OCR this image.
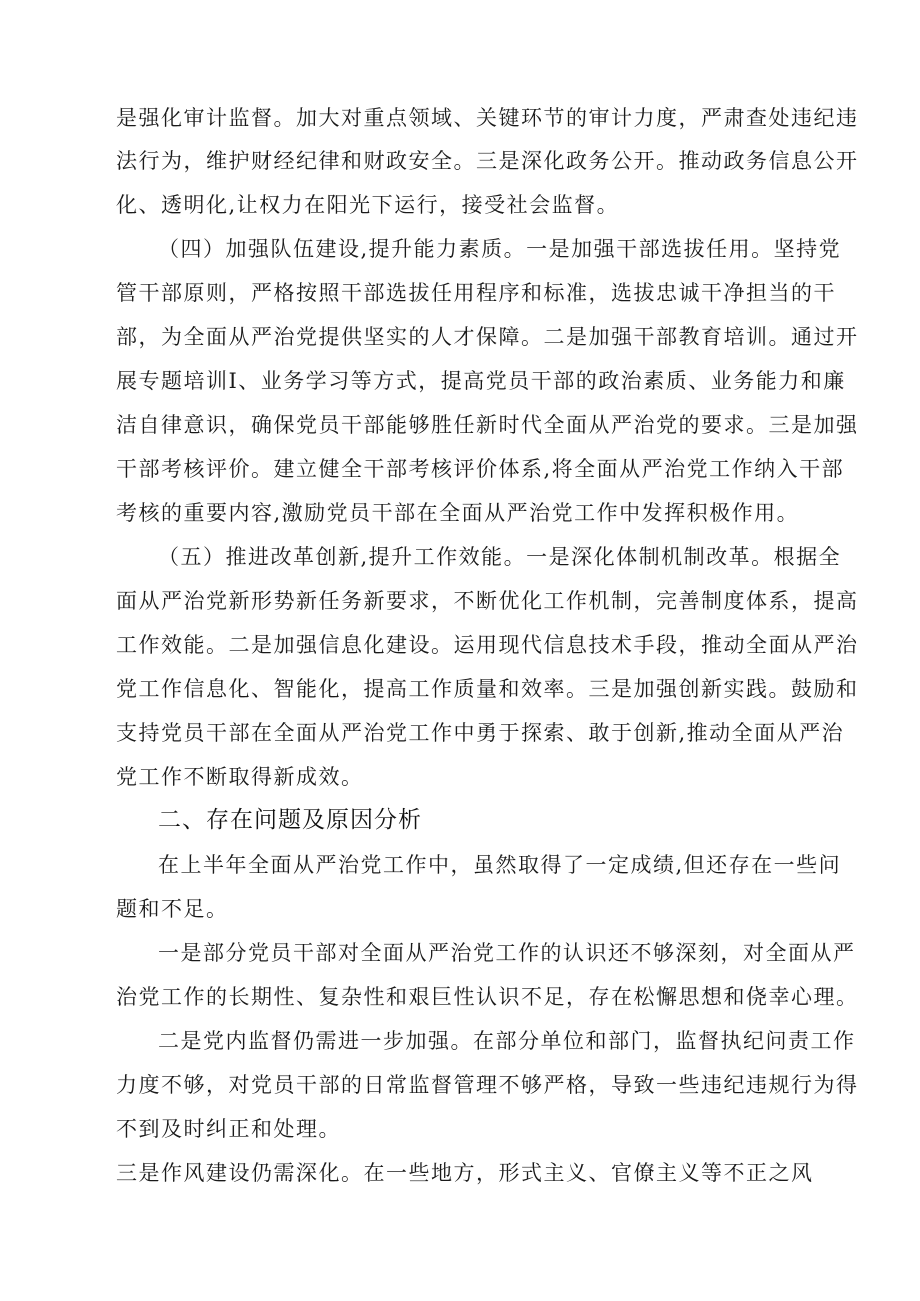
是强化审计监督。加大对重点领域、关键环节的审计力度，严肃查处违纪违
法行为，维护财经纪律和财政安全。三是深化政务公开。推动政务信息公开
化、透明化,让权力在阳光下运行，接受社会监督。
（四）加强队伍建设,提升能力素质。一是加强干部选拔任用。坚持党
管干部原则，严格按照干部选拔任用程序和标准，选拔忠诚干净担当的干
部，为全面从严治党提供坚实的人才保障。二是加强干部教育培训。通过开
展专题培训I、业务学习等方式，提高党员干部的政治素质、业务能力和廉
洁自律意识，确保党员干部能够胜任新时代全面从严治党的要求。三是加强
干部考核评价。建立健全干部考核评价体系,将全面从严治党工作纳入干部
考核的重要内容,激励党员干部在全面从严治党工作中发挥积极作用。
（五）推进改革创新,提升工作效能。一是深化体制机制改革。根据全
面从严治党新形势新任务新要求，不断优化工作机制，完善制度体系，提高
工作效能。二是加强信息化建设。运用现代信息技术手段，推动全面从严治
党工作信息化、智能化，提高工作质量和效率。三是加强创新实践。鼓励和
支持党员干部在全面从严治党工作中勇于探索、敢于创新,推动全面从严治
党工作不断取得新成效。
二、存在问题及原因分析
在上半年全面从严治党工作中，虽然取得了一定成绩,但还存在一些问
题和不足。
一是部分党员干部对全面从严治党工作的认识还不够深刻，对全面从严
治党工作的长期性、复杂性和艰巨性认识不足，存在松懈思想和侥幸心理。
二是党内监督仍需进一步加强。在部分单位和部门，监督执纪问责工作
力度不够，对党员干部的日常监督管理不够严格，导致一些违纪违规行为得
不到及时纠正和处理。
三是作风建设仍需深化。在一些地方，形式主义、官僚主义等不正之风
